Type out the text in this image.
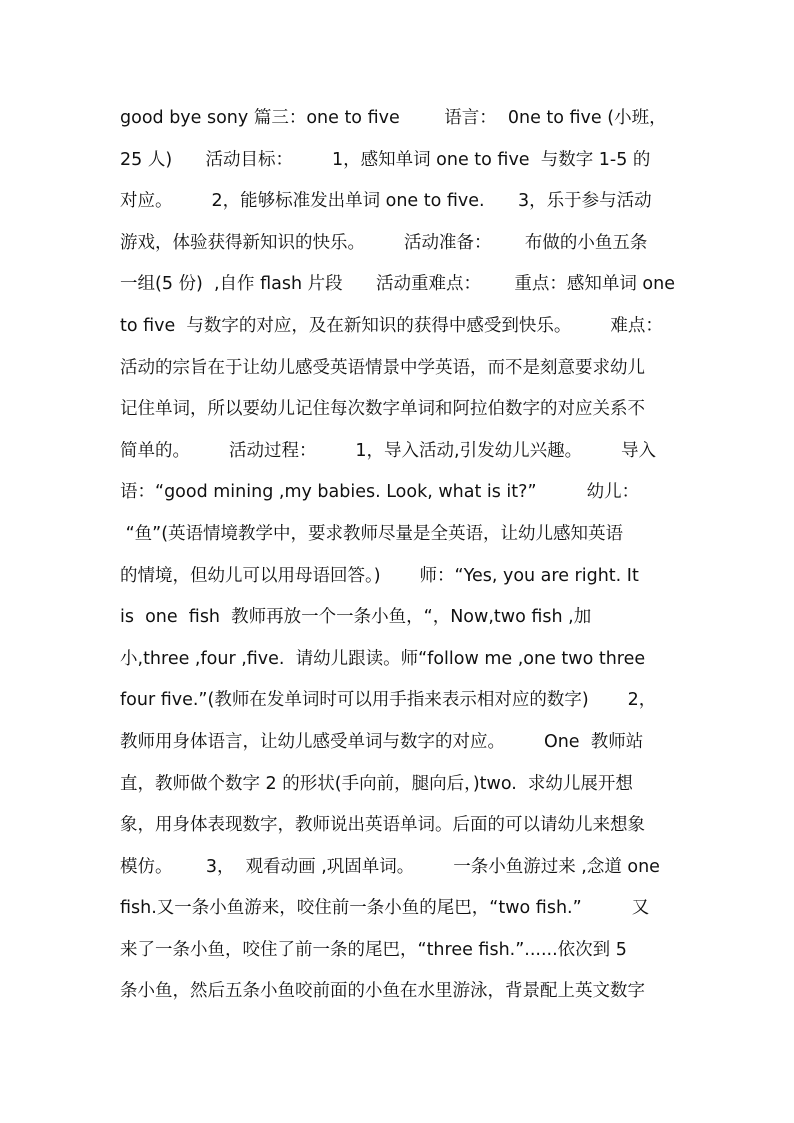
good bye sony 篇三：one to five        语言：  0ne to five (小班，
25 人)      活动目标：       1，感知单词 one to five  与数字 1-5 的
对应。       2，能够标准发出单词 one to five.      3，乐于参与活动
游戏，体验获得新知识的快乐。       活动准备：      布做的小鱼五条
一组(5 份)  ,自作 flash 片段      活动重难点：      重点：感知单词 one
to five  与数字的对应，及在新知识的获得中感受到快乐。       难点：
活动的宗旨在于让幼儿感受英语情景中学英语，而不是刻意要求幼儿
记住单词，所以要幼儿记住每次数字单词和阿拉伯数字的对应关系不
简单的。       活动过程：       1，导入活动,引发幼儿兴趣。       导入
语：“good mining ,my babies. Look, what is it?”         幼儿：
“鱼”(英语情境教学中，要求教师尽量是全英语，让幼儿感知英语
的情境，但幼儿可以用母语回答。)       师：“Yes, you are right. It
is  one  fish  教师再放一个一条小鱼，“，Now,two fish ,加
小,three ,four ,five.  请幼儿跟读。师“follow me ,one two three
four five.”(教师在发单词时可以用手指来表示相对应的数字)       2，
教师用身体语言，让幼儿感受单词与数字的对应。       One  教师站
直，教师做个数字 2 的形状(手向前，腿向后，)two.  求幼儿展开想
象，用身体表现数字，教师说出英语单词。后面的可以请幼儿来想象
模仿。      3，  观看动画 ,巩固单词。       一条小鱼游过来 ,念道 one
fish.又一条小鱼游来，咬住前一条小鱼的尾巴，“two fish.”         又
来了一条小鱼，咬住了前一条的尾巴，“three fish.”......依次到 5
条小鱼，然后五条小鱼咬前面的小鱼在水里游泳，背景配上英文数字
